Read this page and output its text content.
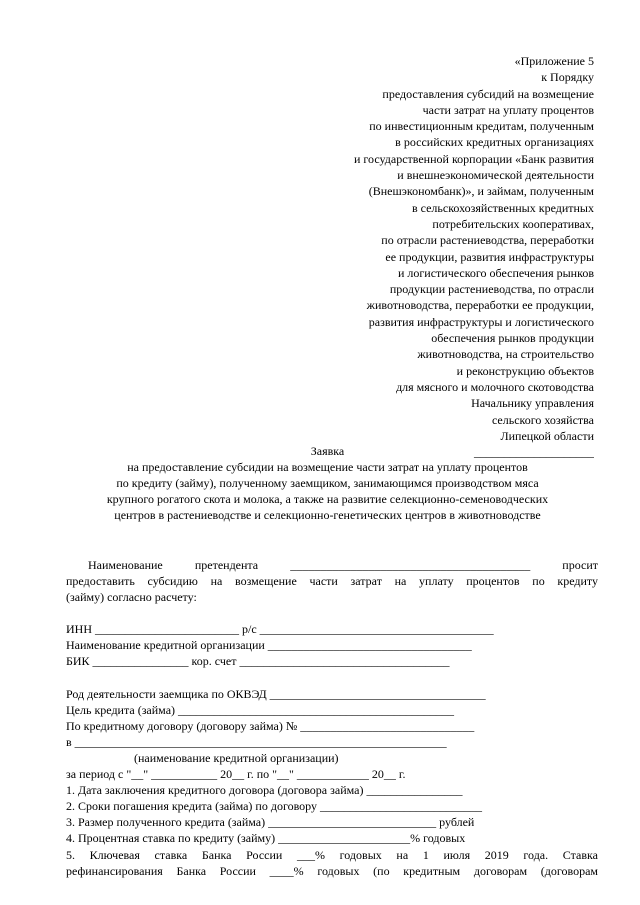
«Приложение 5
к Порядку
предоставления субсидий на возмещение
части затрат на уплату процентов
по инвестиционным кредитам, полученным
в российских кредитных организациях
и государственной корпорации «Банк развития
и внешнеэкономической деятельности
(Внешэкономбанк)», и займам, полученным
в сельскохозяйственных кредитных
потребительских кооперативах,
по отрасли растениеводства, переработки
ее продукции, развития инфраструктуры
и логистического обеспечения рынков
продукции растениеводства, по отрасли
животноводства, переработки ее продукции,
развития инфраструктуры и логистического
обеспечения рынков продукции
животноводства, на строительство
и реконструкцию объектов
для мясного и молочного скотоводства
Начальнику управления
сельского хозяйства
Липецкой области
____________________
Заявка
на предоставление субсидии на возмещение части затрат на уплату процентов
по кредиту (займу), полученному заемщиком, занимающимся производством мяса
крупного рогатого скота и молока, а также на развитие селекционно-семеноводческих
центров в растениеводстве и селекционно-генетических центров в животноводстве
Наименование претендента ________________________________________ просит
предоставить субсидию на возмещение части затрат на уплату процентов по кредиту
(займу) согласно расчету:
ИНН ________________________ р/с _______________________________________
Наименование кредитной организации __________________________________
БИК ________________ кор. счет ___________________________________
Род деятельности заемщика по ОКВЭД ____________________________________
Цель кредита (займа) ______________________________________________
По кредитному договору (договору займа) № _____________________________
в ______________________________________________________________
(наименование кредитной организации)
за период с "__" ___________ 20__ г. по "__" ____________ 20__ г.
1. Дата заключения кредитного договора (договора займа) ________________
2. Сроки погашения кредита (займа) по договору ___________________________
3. Размер полученного кредита (займа) ____________________________ рублей
4. Процентная ставка по кредиту (займу) ______________________% годовых
5. Ключевая ставка Банка России ___% годовых на 1 июля 2019 года. Ставка
рефинансирования Банка России ____% годовых (по кредитным договорам (договорам
